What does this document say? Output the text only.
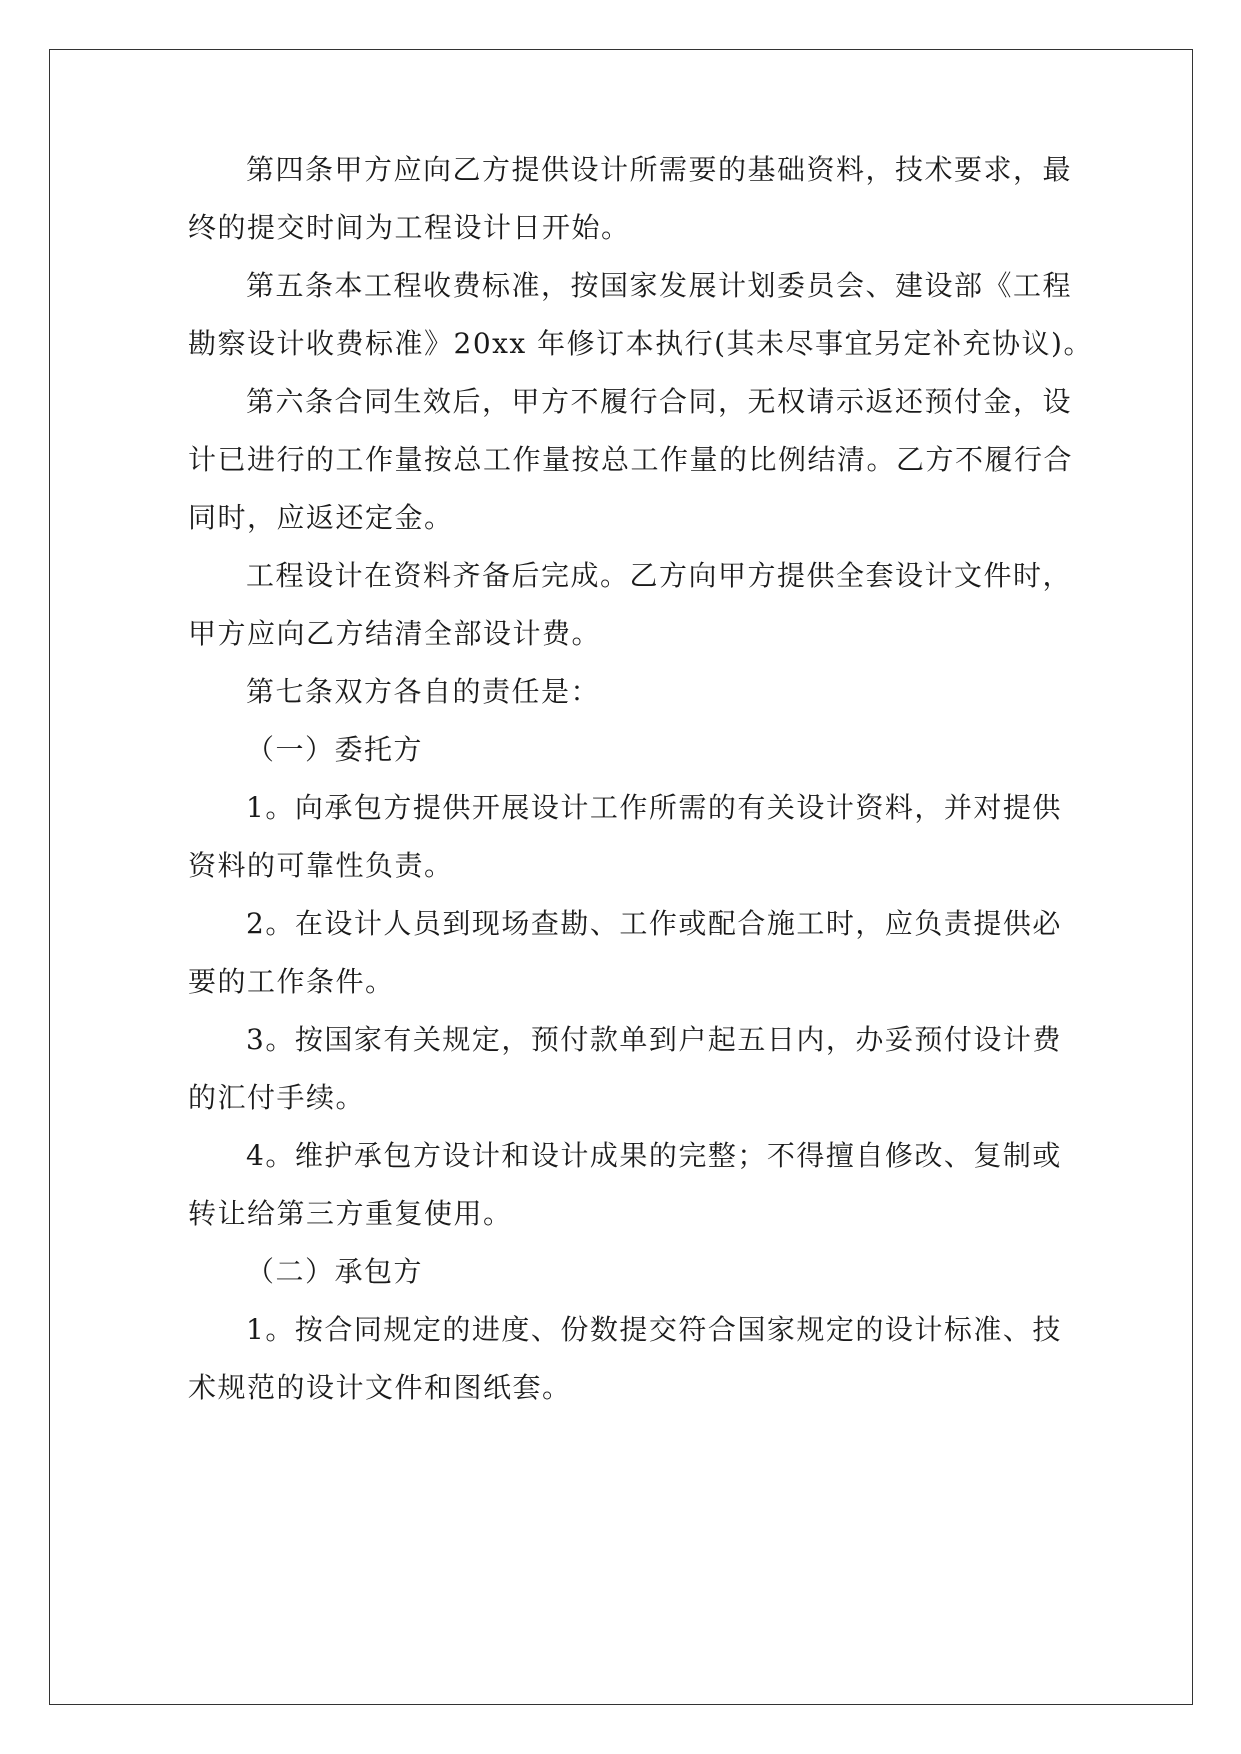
第四条甲方应向乙方提供设计所需要的基础资料，技术要求，最
终的提交时间为工程设计日开始。
第五条本工程收费标准，按国家发展计划委员会、建设部《工程
勘察设计收费标准》20xx 年修订本执行(其未尽事宜另定补充协议)。
第六条合同生效后，甲方不履行合同，无权请示返还预付金，设
计已进行的工作量按总工作量按总工作量的比例结清。乙方不履行合
同时，应返还定金。
工程设计在资料齐备后完成。乙方向甲方提供全套设计文件时，
甲方应向乙方结清全部设计费。
第七条双方各自的责任是：
（一）委托方
1。向承包方提供开展设计工作所需的有关设计资料，并对提供
资料的可靠性负责。
2。在设计人员到现场查勘、工作或配合施工时，应负责提供必
要的工作条件。
3。按国家有关规定，预付款单到户起五日内，办妥预付设计费
的汇付手续。
4。维护承包方设计和设计成果的完整；不得擅自修改、复制或
转让给第三方重复使用。
（二）承包方
1。按合同规定的进度、份数提交符合国家规定的设计标准、技
术规范的设计文件和图纸套。
